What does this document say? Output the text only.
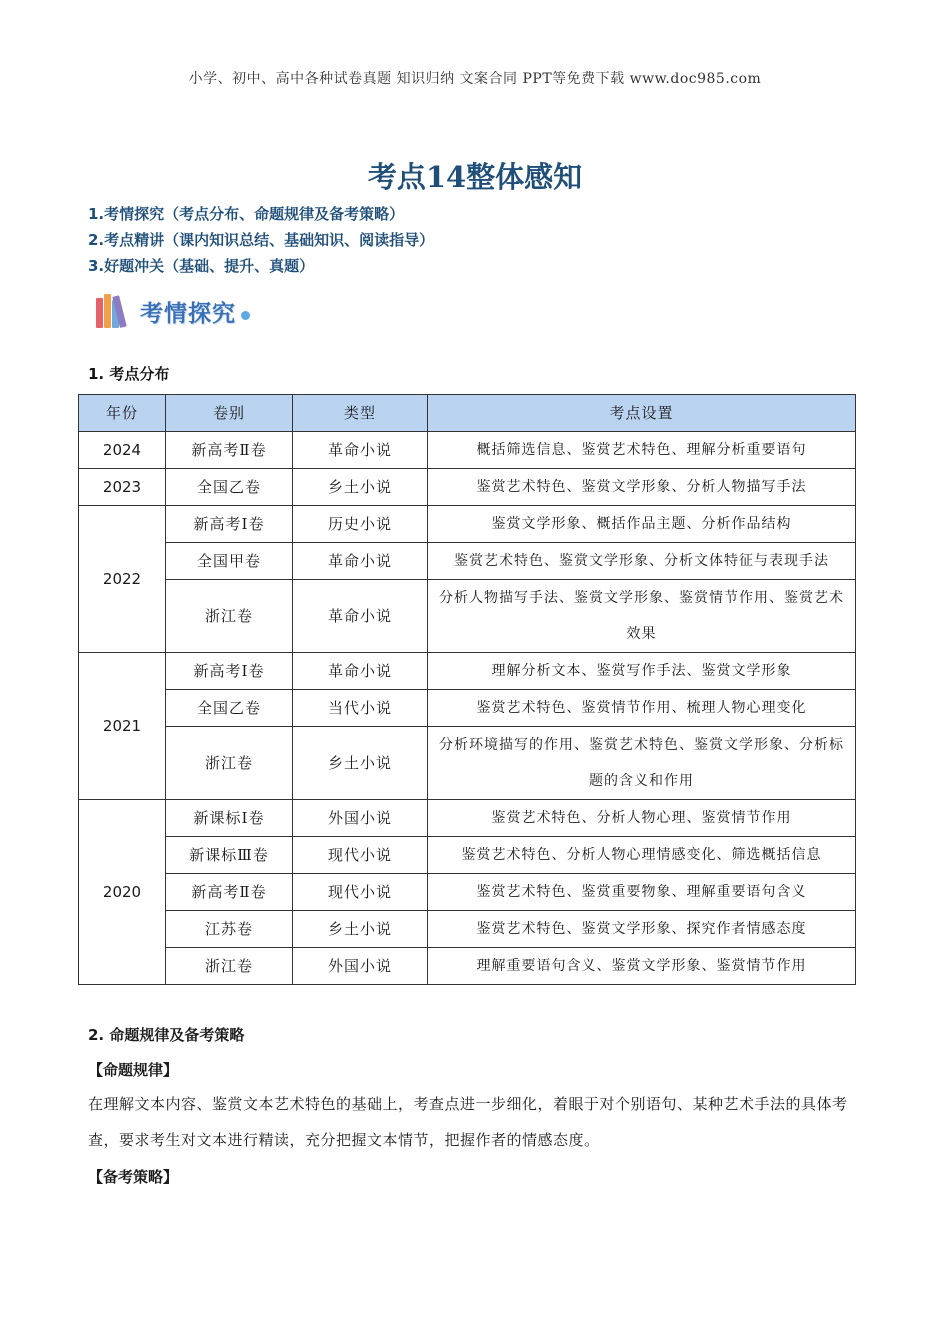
小学、初中、高中各种试卷真题 知识归纳 文案合同 PPT等免费下载 www.doc985.com
考点14整体感知
1.考情探究（考点分布、命题规律及备考策略）
2.考点精讲（课内知识总结、基础知识、阅读指导）
3.好题冲关（基础、提升、真题）
考情探究
1. 考点分布
年份	卷别	类型	考点设置
2024	新高考Ⅱ卷	革命小说	概括筛选信息、鉴赏艺术特色、理解分析重要语句
2023	全国乙卷	乡土小说	鉴赏艺术特色、鉴赏文学形象、分析人物描写手法
2022	新高考Ⅰ卷	历史小说	鉴赏文学形象、概括作品主题、分析作品结构
	全国甲卷	革命小说	鉴赏艺术特色、鉴赏文学形象、分析文体特征与表现手法
	浙江卷	革命小说	分析人物描写手法、鉴赏文学形象、鉴赏情节作用、鉴赏艺术效果
2021	新高考Ⅰ卷	革命小说	理解分析文本、鉴赏写作手法、鉴赏文学形象
	全国乙卷	当代小说	鉴赏艺术特色、鉴赏情节作用、梳理人物心理变化
	浙江卷	乡土小说	分析环境描写的作用、鉴赏艺术特色、鉴赏文学形象、分析标题的含义和作用
2020	新课标Ⅰ卷	外国小说	鉴赏艺术特色、分析人物心理、鉴赏情节作用
	新课标Ⅲ卷	现代小说	鉴赏艺术特色、分析人物心理情感变化、筛选概括信息
	新高考Ⅱ卷	现代小说	鉴赏艺术特色、鉴赏重要物象、理解重要语句含义
	江苏卷	乡土小说	鉴赏艺术特色、鉴赏文学形象、探究作者情感态度
	浙江卷	外国小说	理解重要语句含义、鉴赏文学形象、鉴赏情节作用
2. 命题规律及备考策略
【命题规律】
在理解文本内容、鉴赏文本艺术特色的基础上，考查点进一步细化，着眼于对个别语句、某种艺术手法的具体考查，要求考生对文本进行精读，充分把握文本情节，把握作者的情感态度。
【备考策略】
